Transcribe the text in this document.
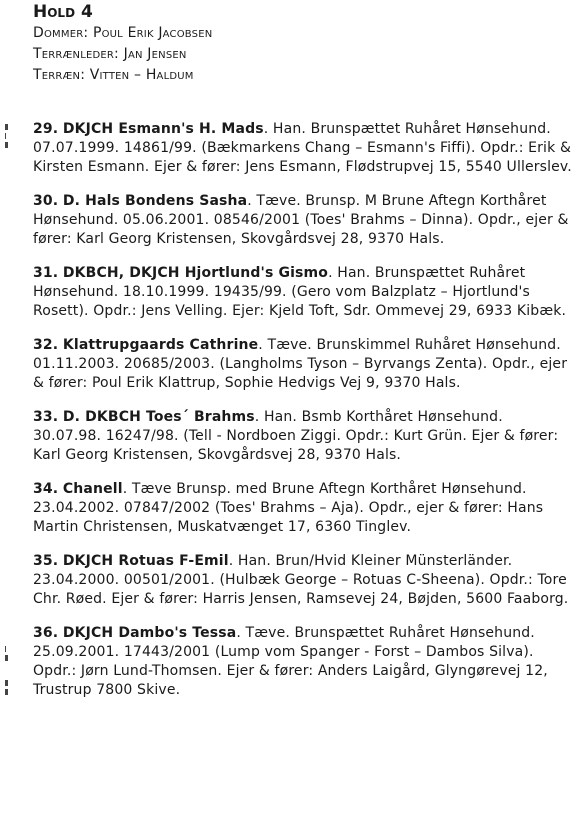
Hold 4

Dommer: Poul Erik Jacobsen

Terrænleder: Jan Jensen

Terræn: Vitten – Haldum

29. DKJCH Esmann's H. Mads. Han. Brunspættet Ruhåret Hønsehund. 07.07.1999. 14861/99. (Bækmarkens Chang – Esmann's Fiffi). Opdr.: Erik & Kirsten Esmann. Ejer & fører: Jens Esmann, Flødstrupvej 15, 5540 Ullerslev.

30. D. Hals Bondens Sasha. Tæve. Brunsp. M Brune Aftegn Korthåret Hønsehund. 05.06.2001. 08546/2001 (Toes' Brahms – Dinna). Opdr., ejer & fører: Karl Georg Kristensen, Skovgårdsvej 28, 9370 Hals.

31. DKBCH, DKJCH Hjortlund's Gismo. Han. Brunspættet Ruhåret Hønsehund. 18.10.1999. 19435/99. (Gero vom Balzplatz – Hjortlund's Rosett). Opdr.: Jens Velling. Ejer: Kjeld Toft, Sdr. Ommevej 29, 6933 Kibæk.

32. Klattrupgaards Cathrine. Tæve. Brunskimmel Ruhåret Hønsehund. 01.11.2003. 20685/2003. (Langholms Tyson – Byrvangs Zenta). Opdr., ejer & fører: Poul Erik Klattrup, Sophie Hedvigs Vej 9, 9370 Hals.

33. D. DKBCH Toes´ Brahms. Han. Bsmb Korthåret Hønsehund. 30.07.98. 16247/98. (Tell - Nordboen Ziggi. Opdr.: Kurt Grün. Ejer & fører: Karl Georg Kristensen, Skovgårdsvej 28, 9370 Hals.

34. Chanell. Tæve Brunsp. med Brune Aftegn Korthåret Hønsehund. 23.04.2002. 07847/2002 (Toes' Brahms – Aja). Opdr., ejer & fører: Hans Martin Christensen, Muskatvænget 17, 6360 Tinglev.

35. DKJCH Rotuas F-Emil. Han. Brun/Hvid Kleiner Münsterländer. 23.04.2000. 00501/2001. (Hulbæk George – Rotuas C-Sheena). Opdr.: Tore Chr. Røed. Ejer & fører: Harris Jensen, Ramsevej 24, Bøjden, 5600 Faaborg.

36. DKJCH Dambo's Tessa. Tæve. Brunspættet Ruhåret Hønsehund. 25.09.2001. 17443/2001 (Lump vom Spanger - Forst – Dambos Silva). Opdr.: Jørn Lund-Thomsen. Ejer & fører: Anders Laigård, Glyngørevej 12, Trustrup 7800 Skive.
